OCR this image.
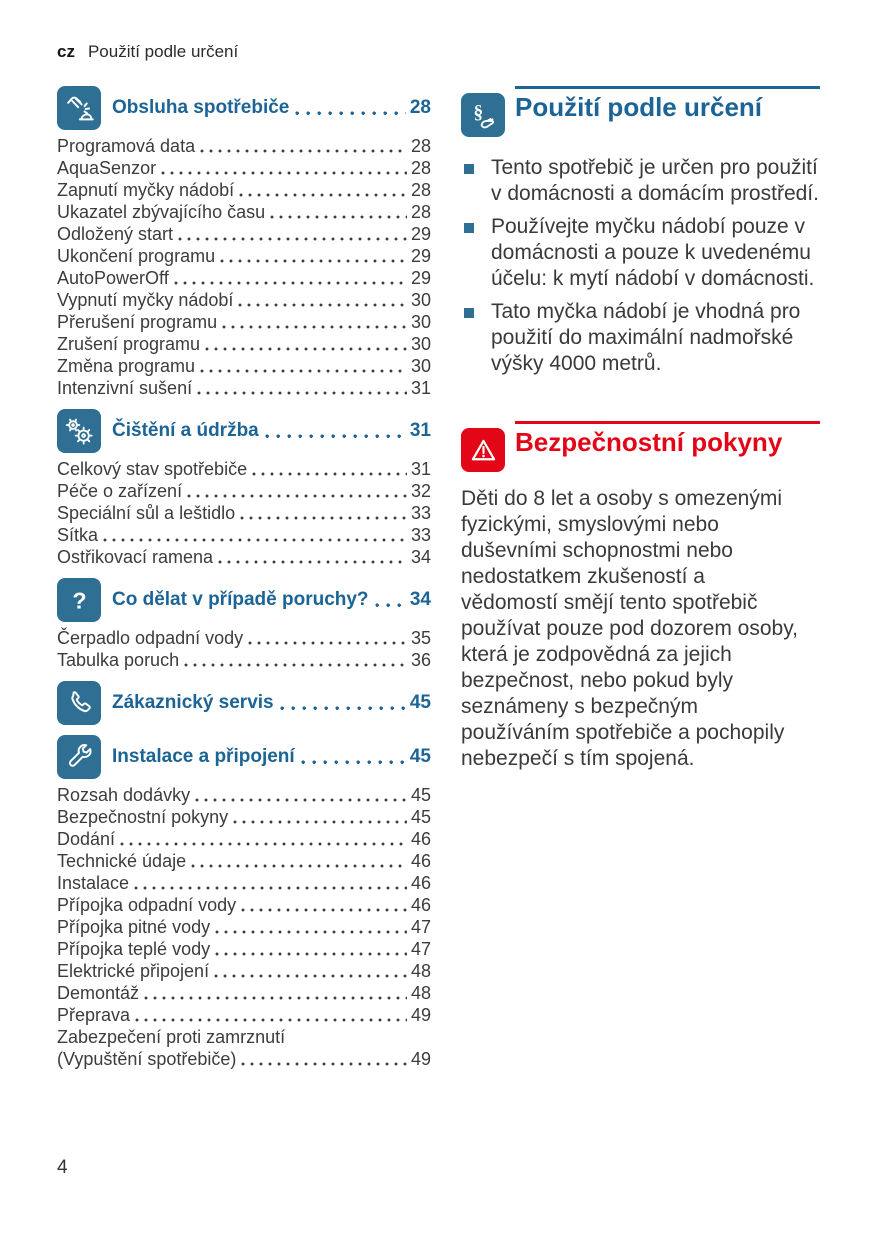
cz Použití podle určení
Obsluha spotřebiče	28
Programová data	28
AquaSenzor	28
Zapnutí myčky nádobí	28
Ukazatel zbývajícího času	28
Odložený start	29
Ukončení programu	29
AutoPowerOff	29
Vypnutí myčky nádobí	30
Přerušení programu	30
Zrušení programu	30
Změna programu	30
Intenzivní sušení	31
Čištění a údržba	31
Celkový stav spotřebiče	31
Péče o zařízení	32
Speciální sůl a leštidlo	33
Sítka	33
Ostřikovací ramena	34
? Co dělat v případě poruchy? 34
Čerpadlo odpadní vody	35
Tabulka poruch	36
Zákaznický servis	45
Instalace a připojení	45
Rozsah dodávky	45
Bezpečnostní pokyny	45
Dodání	46
Technické údaje	46
Instalace	46
Přípojka odpadní vody	46
Přípojka pitné vody	47
Přípojka teplé vody	47
Elektrické připojení	48
Demontáž	48
Přeprava	49
Zabezpečení proti zamrznutí
(Vypuštění spotřebiče)	49
§ Použití podle určení
Tento spotřebič je určen pro použití v domácnosti a domácím prostředí.
Používejte myčku nádobí pouze v domácnosti a pouze k uvedenému účelu: k mytí nádobí v domácnosti.
Tato myčka nádobí je vhodná pro použití do maximální nadmořské výšky 4000 metrů.
Bezpečnostní pokyny

Děti do 8 let a osoby s omezenými fyzickými, smyslovými nebo duševními schopnostmi nebo nedostatkem zkušeností a vědomostí smějí tento spotřebič používat pouze pod dozorem osoby, která je zodpovědná za jejich bezpečnost, nebo pokud byly seznámeny s bezpečným používáním spotřebiče a pochopily nebezpečí s tím spojená.

4
